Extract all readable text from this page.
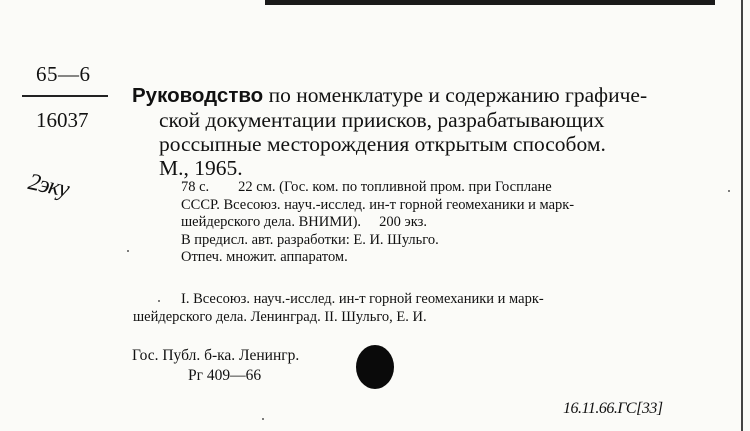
65—6
16037
2эку
Руководство по номенклатуре и содержанию графиче-
ской документации приисков, разрабатывающих
россыпные месторождения открытым способом.
М., 1965.
78 с.        22 см. (Гос. ком. по топливной пром. при Госплане
СССР. Всесоюз. науч.-исслед. ин-т горной геомеханики и марк-
шейдерского дела. ВНИМИ).     200 экз.
В предисл. авт. разработки: Е. И. Шульго.
Отпеч. множит. аппаратом.
I. Всесоюз. науч.-исслед. ин-т горной геомеханики и марк-
шейдерского дела. Ленинград. II. Шульго, Е. И.
Гос. Публ. б-ка. Ленингр.
Рг 409—66
16.11.66.ГС[33]
